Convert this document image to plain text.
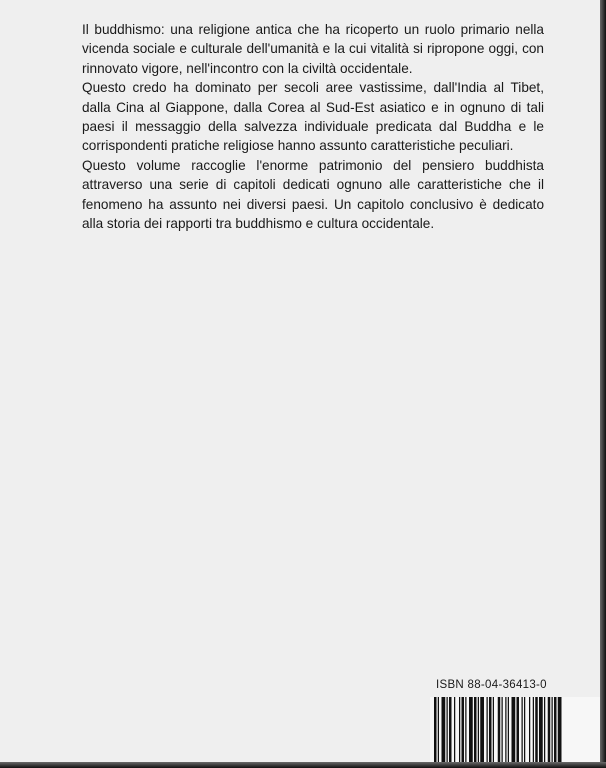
Il buddhismo: una religione antica che ha ricoperto un ruolo primario nella vicenda sociale e culturale dell'umanità e la cui vitalità si ripropone oggi, con rinnovato vigore, nell'incontro con la civiltà occidentale.

Questo credo ha dominato per secoli aree vastissime, dall'India al Tibet, dalla Cina al Giappone, dalla Corea al Sud-Est asiatico e in ognuno di tali paesi il messaggio della salvezza individuale predicata dal Buddha e le corrispondenti pratiche religiose hanno assunto caratteristiche peculiari.

Questo volume raccoglie l'enorme patrimonio del pensiero buddhista attraverso una serie di capitoli dedicati ognuno alle caratteristiche che il fenomeno ha assunto nei diversi paesi. Un capitolo conclusivo è dedicato alla storia dei rapporti tra buddhismo e cultura occidentale.

ISBN 88-04-36413-0
